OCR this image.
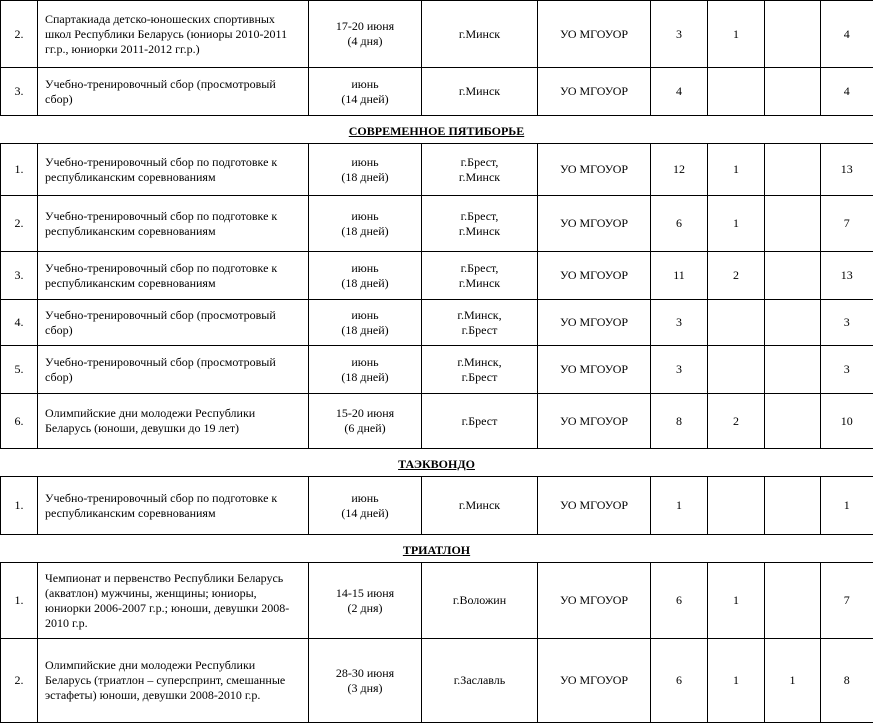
2.	Спартакиада детско-юношеских спортивных школ Республики Беларусь (юниоры 2010-2011 гг.р., юниорки 2011-2012 гг.р.)	17-20 июня
(4 дня)	г.Минск	УО МГОУОР	3	1		4
3.	Учебно-тренировочный сбор (просмотровый сбор)	июнь
(14 дней)	г.Минск	УО МГОУОР	4			4
СОВРЕМЕННОЕ ПЯТИБОРЬЕ								
1.	Учебно-тренировочный сбор по подготовке к республиканским соревнованиям	июнь
(18 дней)	г.Брест, г.Минск	УО МГОУОР	12	1		13
2.	Учебно-тренировочный сбор по подготовке к республиканским соревнованиям	июнь
(18 дней)	г.Брест, г.Минск	УО МГОУОР	6	1		7
3.	Учебно-тренировочный сбор по подготовке к республиканским соревнованиям	июнь
(18 дней)	г.Брест, г.Минск	УО МГОУОР	11	2		13
4.	Учебно-тренировочный сбор (просмотровый сбор)	июнь
(18 дней)	г.Минск, г.Брест	УО МГОУОР	3			3
5.	Учебно-тренировочный сбор (просмотровый сбор)	июнь
(18 дней)	г.Минск, г.Брест	УО МГОУОР	3			3
6.	Олимпийские дни молодежи Республики Беларусь (юноши, девушки до 19 лет)	15-20 июня
(6 дней)	г.Брест	УО МГОУОР	8	2		10
ТАЭКВОНДО								
1.	Учебно-тренировочный сбор по подготовке к республиканским соревнованиям	июнь
(14 дней)	г.Минск	УО МГОУОР	1			1
ТРИАТЛОН								
1.	Чемпионат и первенство Республики Беларусь (акватлон) мужчины, женщины; юниоры, юниорки 2006-2007 г.р.; юноши, девушки 2008-2010 г.р.	14-15 июня
(2 дня)	г.Воложин	УО МГОУОР	6	1		7
2.	Олимпийские дни молодежи Республики Беларусь (триатлон – суперспринт, смешанные эстафеты) юноши, девушки 2008-2010 г.р.	28-30 июня
(3 дня)	г.Заславль	УО МГОУОР	6	1	1	8
